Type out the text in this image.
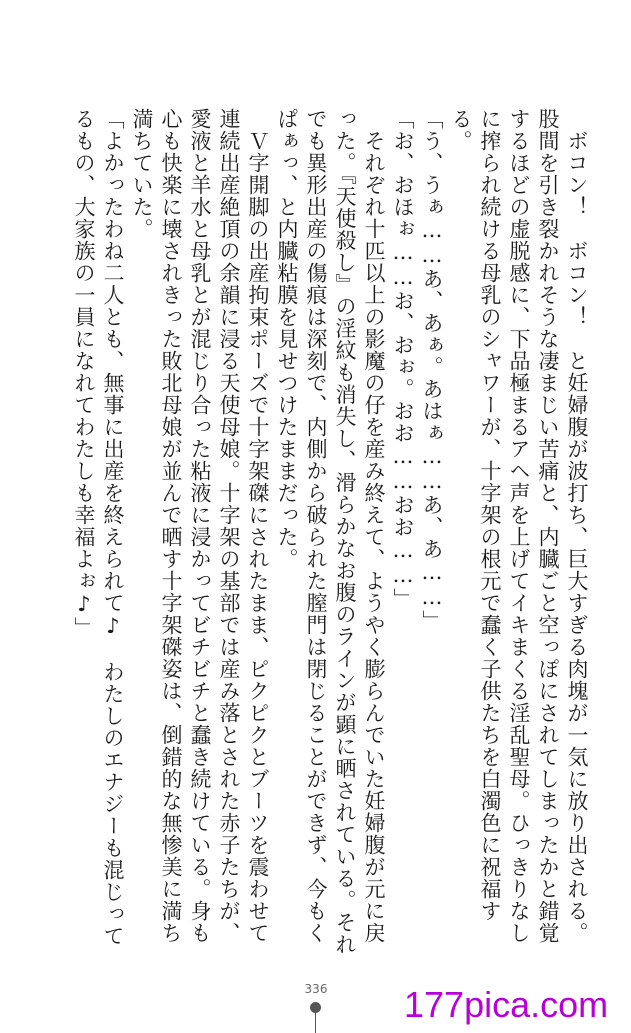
　ボコン！　ボコン！　と妊婦腹が波打ち、巨大すぎる肉塊が一気に放り出される。股間を引き裂かれそうな凄まじい苦痛と、内臓ごと空っぽにされてしまったかと錯覚するほどの虚脱感に、下品極まるアヘ声を上げてイキまくる淫乱聖母。ひっきりなしに搾られ続ける母乳のシャワーが、十字架の根元で蠢く子供たちを白濁色に祝福する。

「う、うぁ……あ、あぁ。あはぁ……あ、あ……」

「お、おほぉ……お、おぉ。おお……おお……」

　それぞれ十匹以上の影魔の仔を産み終えて、ようやく膨らんでいた妊婦腹が元に戻った。『天使殺し』の淫紋も消失し、滑らかなお腹のラインが顕に晒されている。それでも異形出産の傷痕は深刻で、内側から破られた膣門は閉じることができず、今もくぱぁっ、と内臓粘膜を見せつけたままだった。

　Ｖ字開脚の出産拘束ポーズで十字架磔にされたまま、ピクピクとブーツを震わせて連続出産絶頂の余韻に浸る天使母娘。十字架の基部では産み落とされた赤子たちが、愛液と羊水と母乳とが混じり合った粘液に浸かってビチビチと蠢き続けている。身も心も快楽に壊されきった敗北母娘が並んで晒す十字架磔姿は、倒錯的な無惨美に満ち満ちていた。

「よかったわね二人とも、無事に出産を終えられて♪　わたしのエナジーも混じってるもの、大家族の一員になれてわたしも幸福よぉ♪」

336 177pica.com
